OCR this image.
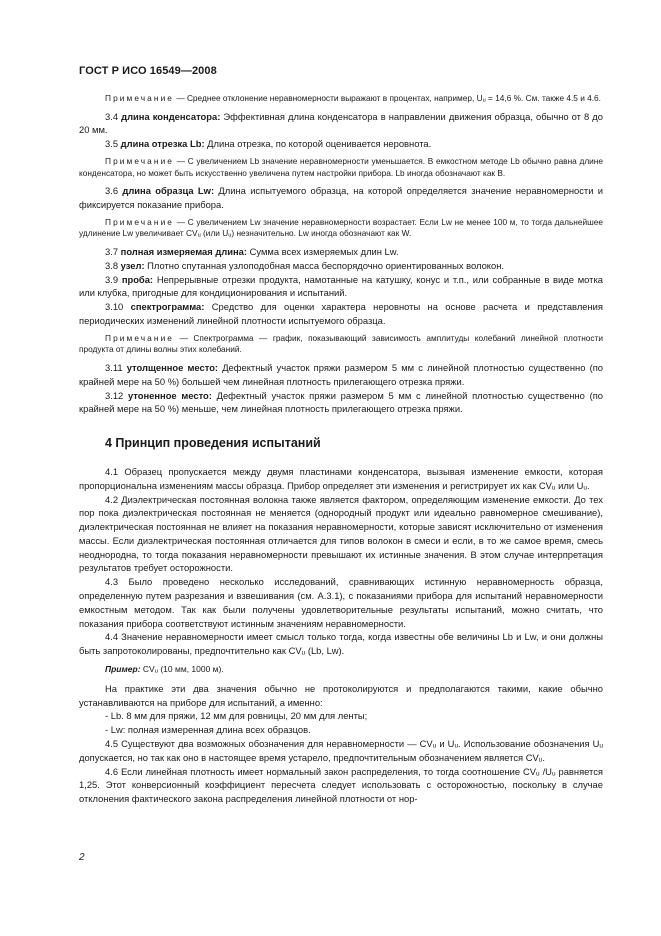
ГОСТ Р ИСО 16549—2008

Примечание — Среднее отклонение неравномерности выражают в процентах, например, Uᵤ = 14,6 %. См. также 4.5 и 4.6.

3.4 длина конденсатора: Эффективная длина конденсатора в направлении движения образца, обычно от 8 до 20 мм.

3.5 длина отрезка Lb: Длина отрезка, по которой оценивается неровнота.

Примечание — С увеличением Lb значение неравномерности уменьшается. В емкостном методе Lb обычно равна длине конденсатора, но может быть искусственно увеличена путем настройки прибора. Lb иногда обозначают как B.

3.6 длина образца Lw: Длина испытуемого образца, на которой определяется значение неравномерности и фиксируется показание прибора.

Примечание — С увеличением Lw значение неравномерности возрастает. Если Lw не менее 100 м, то тогда дальнейшее удлинение Lw увеличивает CVᵤ (или Uᵤ) незначительно. Lw иногда обозначают как W.

3.7 полная измеряемая длина: Сумма всех измеряемых длин Lw.

3.8 узел: Плотно спутанная узлоподобная масса беспорядочно ориентированных волокон.

3.9 проба: Непрерывные отрезки продукта, намотанные на катушку, конус и т.п., или собранные в виде мотка или клубка, пригодные для кондиционирования и испытаний.

3.10 спектрограмма: Средство для оценки характера неровноты на основе расчета и представления периодических изменений линейной плотности испытуемого образца.

Примечание — Спектрограмма — график, показывающий зависимость амплитуды колебаний линейной плотности продукта от длины волны этих колебаний.

3.11 утолщенное место: Дефектный участок пряжи размером 5 мм с линейной плотностью существенно (по крайней мере на 50 %) большей чем линейная плотность прилегающего отрезка пряжи.

3.12 утоненное место: Дефектный участок пряжи размером 5 мм с линейной плотностью существенно (по крайней мере на 50 %) меньше, чем линейная плотность прилегающего отрезка пряжи.

4 Принцип проведения испытаний

4.1 Образец пропускается между двумя пластинами конденсатора, вызывая изменение емкости, которая пропорциональна изменениям массы образца. Прибор определяет эти изменения и регистрирует их как CVᵤ или Uᵤ.

4.2 Диэлектрическая постоянная волокна также является фактором, определяющим изменение емкости. До тех пор пока диэлектрическая постоянная не меняется (однородный продукт или идеально равномерное смешивание), диэлектрическая постоянная не влияет на показания неравномерности, которые зависят исключительно от изменения массы. Если диэлектрическая постоянная отличается для типов волокон в смеси и если, в то же самое время, смесь неоднородна, то тогда показания неравномерности превышают их истинные значения. В этом случае интерпретация результатов требует осторожности.

4.3 Было проведено несколько исследований, сравнивающих истинную неравномерность образца, определенную путем разрезания и взвешивания (см. А.3.1), с показаниями прибора для испытаний неравномерности емкостным методом. Так как были получены удовлетворительные результаты испытаний, можно считать, что показания прибора соответствуют истинным значениям неравномерности.

4.4 Значение неравномерности имеет смысл только тогда, когда известны обе величины Lb и Lw, и они должны быть запротоколированы, предпочтительно как CVᵤ (Lb, Lw).

Пример: CVᵤ (10 мм, 1000 м).

На практике эти два значения обычно не протоколируются и предполагаются такими, какие обычно устанавливаются на приборе для испытаний, а именно:

- Lb. 8 мм для пряжи, 12 мм для ровницы, 20 мм для ленты;

- Lw: полная измеренная длина всех образцов.

4.5 Существуют два возможных обозначения для неравномерности — CVᵤ и Uᵤ. Использование обозначения Uᵤ допускается, но так как оно в настоящее время устарело, предпочтительным обозначением является CVᵤ.

4.6 Если линейная плотность имеет нормальный закон распределения, то тогда соотношение CVᵤ /Uᵤ равняется 1,25. Этот конверсионный коэффициент пересчета следует использовать с осторожностью, поскольку в случае отклонения фактического закона распределения линейной плотности от нор-

2
